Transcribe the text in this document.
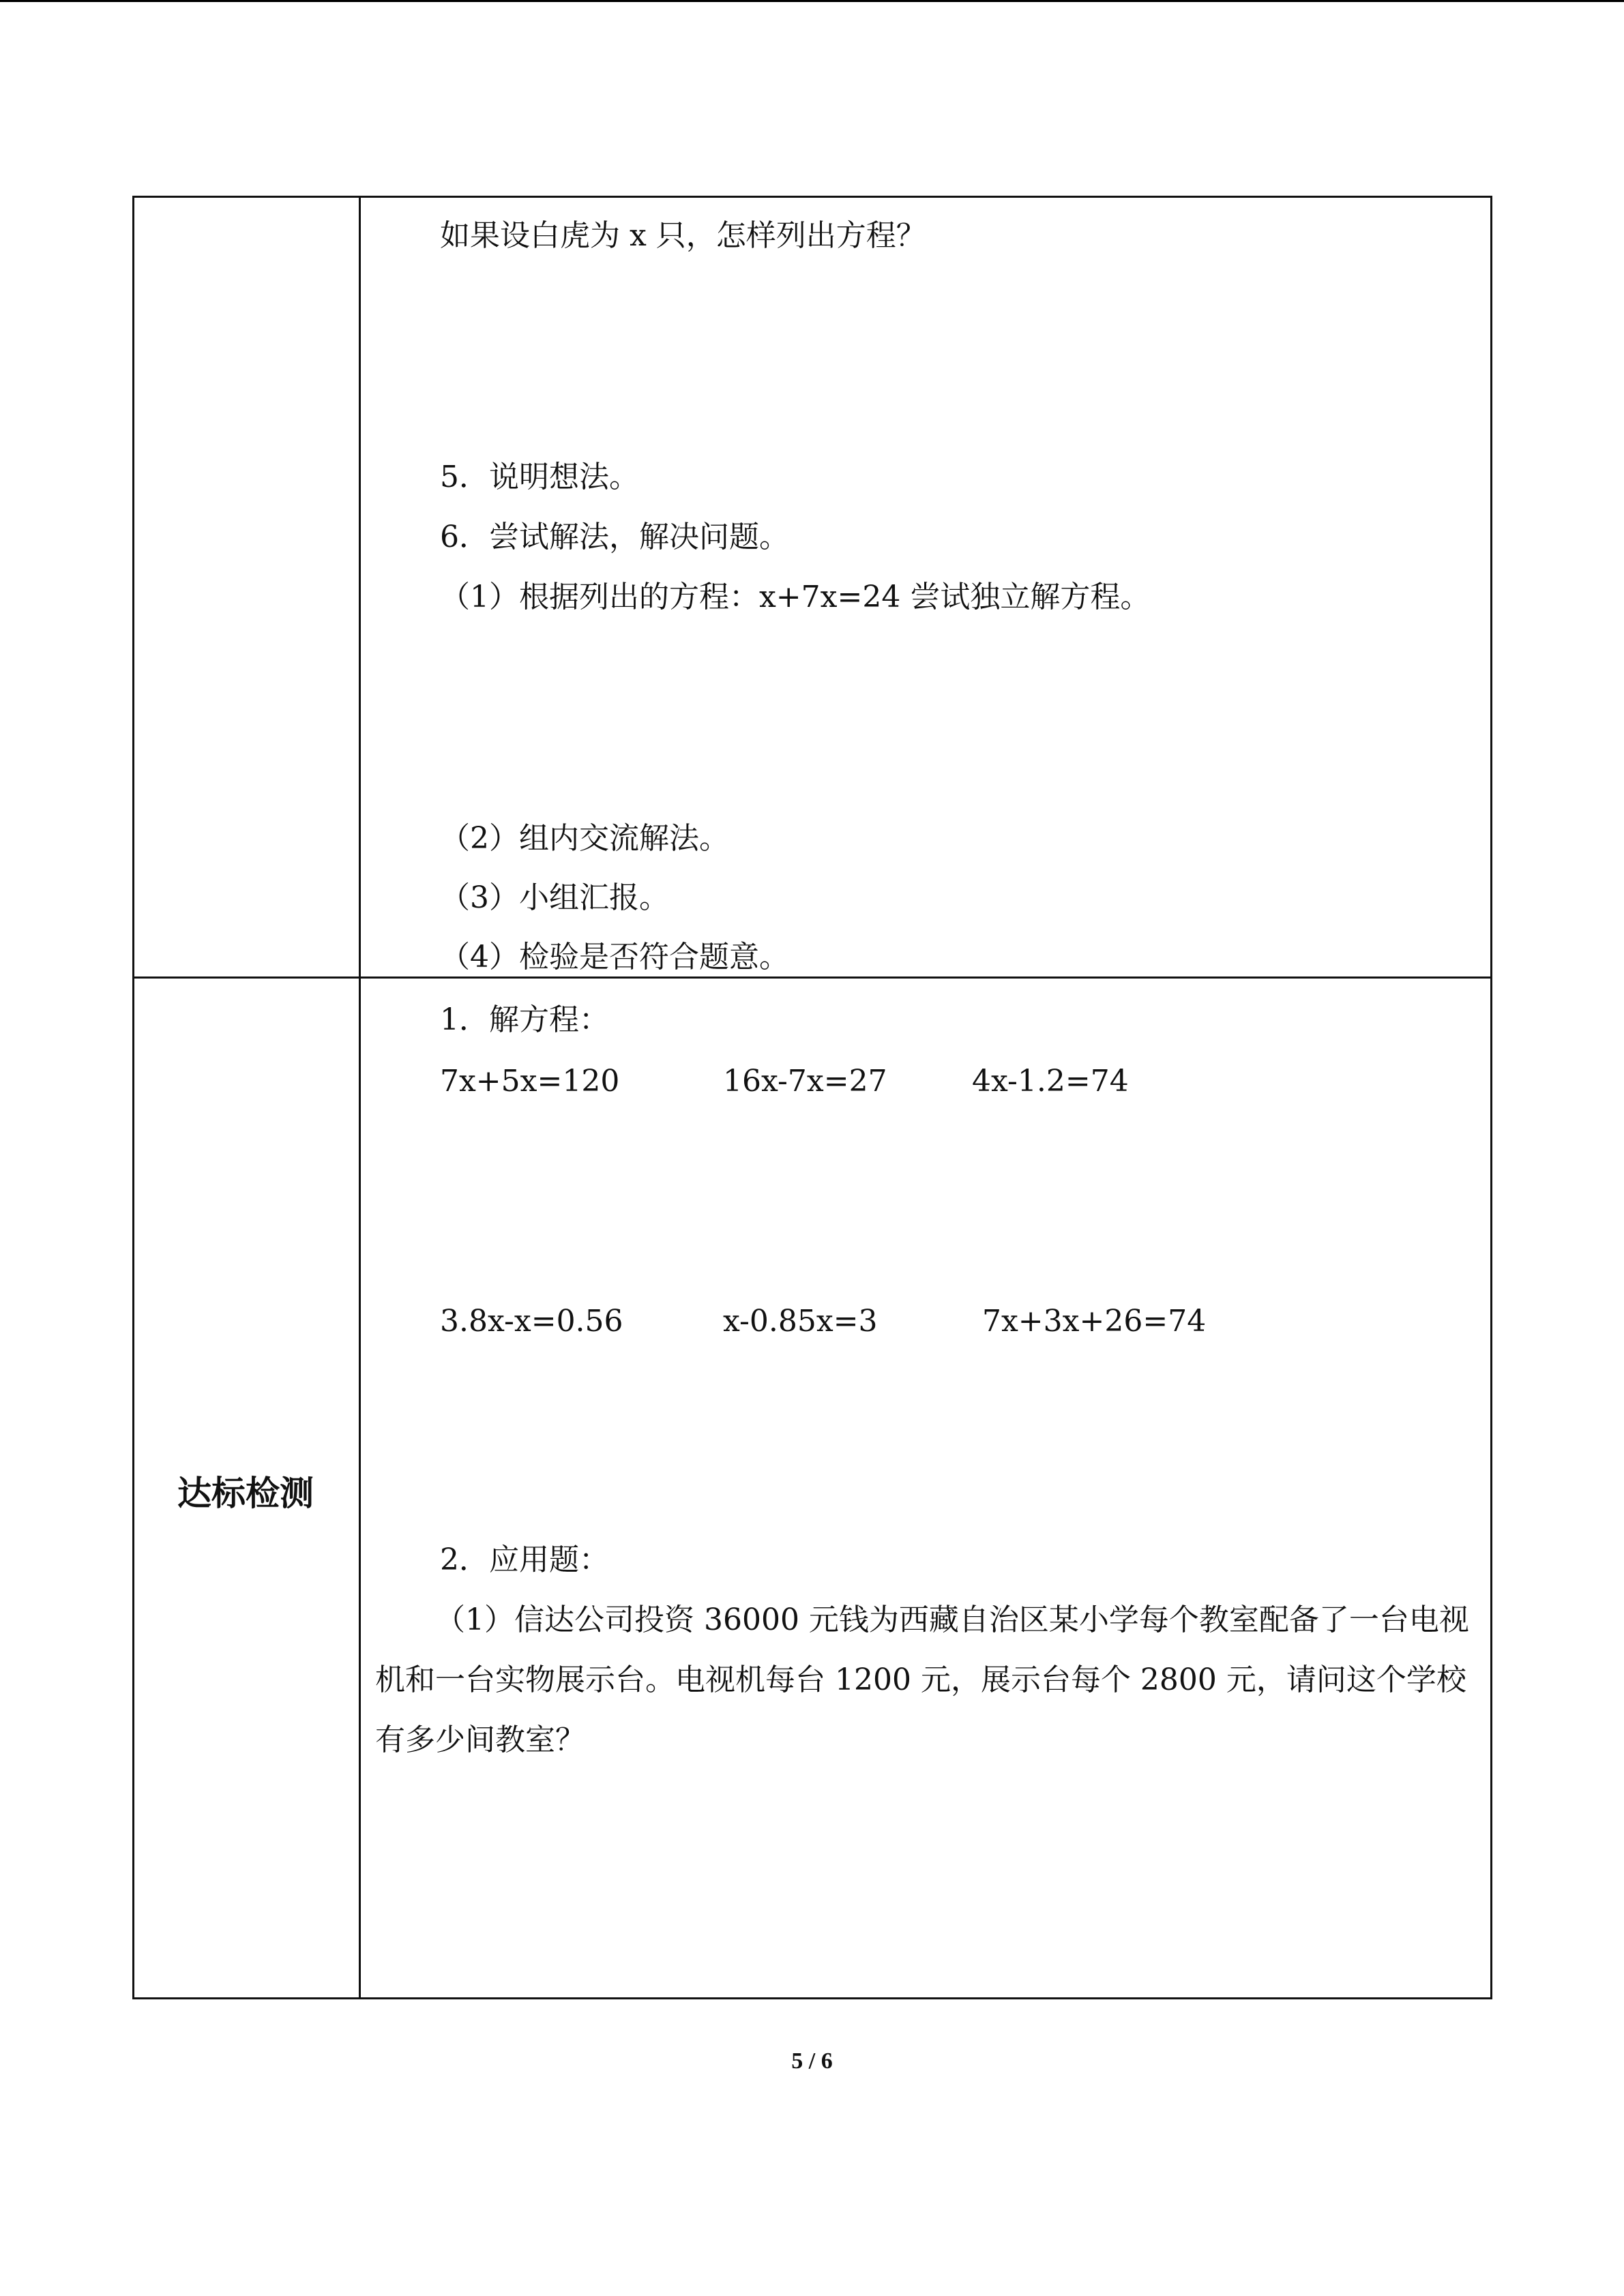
如果设白虎为 x 只，怎样列出方程？
5．说明想法。
6．尝试解法，解决问题。
（1）根据列出的方程：x+7x=24 尝试独立解方程。
（2）组内交流解法。
（3）小组汇报。
（4）检验是否符合题意。
达标检测
1．解方程：
7x+5x=120	16x-7x=27	4x-1.2=74
3.8x-x=0.56	x-0.85x=3	7x+3x+26=74
2．应用题：
（1）信达公司投资 36000 元钱为西藏自治区某小学每个教室配备了一台电视机和一台实物展示台。电视机每台 1200 元，展示台每个 2800 元，请问这个学校有多少间教室？
5 / 6
